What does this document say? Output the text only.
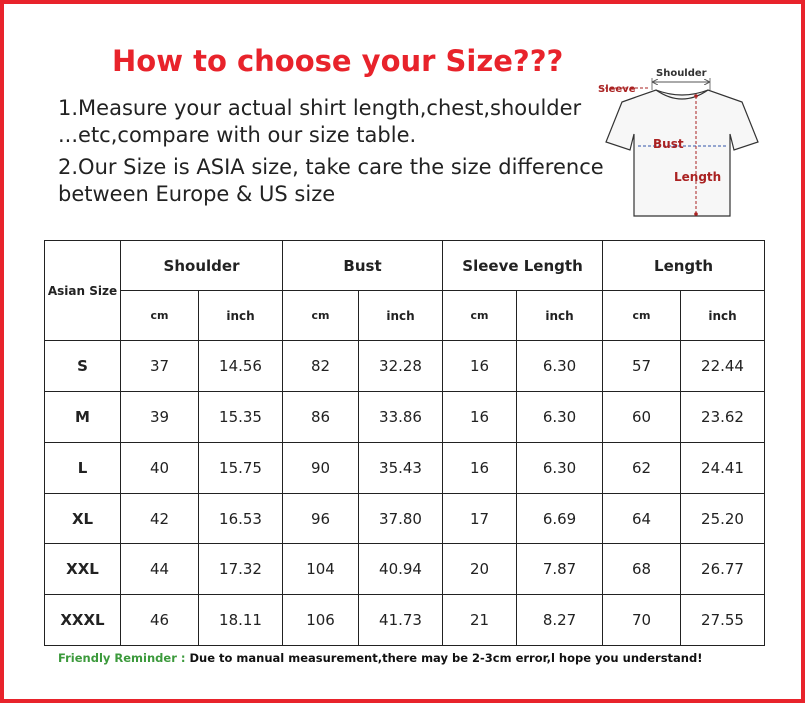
How to choose your Size???
1.Measure your actual shirt length,chest,shoulder
...etc,compare with our size table.
2.Our Size is ASIA size, take care the size difference
between Europe & US size
Shoulder
Sleeve
Bust
Length
Asian Size	Shoulder		Bust		Sleeve Length		Length	
	cm	inch	cm	inch	cm	inch	cm	inch
S	37	14.56	82	32.28	16	6.30	57	22.44
M	39	15.35	86	33.86	16	6.30	60	23.62
L	40	15.75	90	35.43	16	6.30	62	24.41
XL	42	16.53	96	37.80	17	6.69	64	25.20
XXL	44	17.32	104	40.94	20	7.87	68	26.77
XXXL	46	18.11	106	41.73	21	8.27	70	27.55
Friendly Reminder : Due to manual measurement,there may be 2-3cm error,l hope you understand!
